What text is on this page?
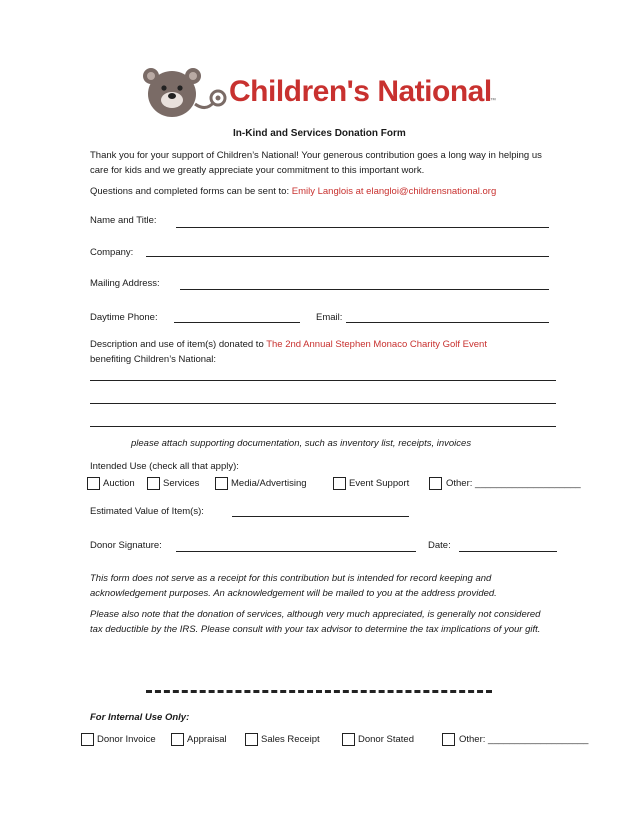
Children's National
™
In-Kind and Services Donation Form
Thank you for your support of Children’s National! Your generous contribution goes a long way in helping us care for kids and we greatly appreciate your commitment to this important work.
Questions and completed forms can be sent to: Emily Langlois at elangloi@childrensnational.org
Name and Title:
Company:
Mailing Address:
Daytime Phone:	Email:
Description and use of item(s) donated to The 2nd Annual Stephen Monaco Charity Golf Event
benefiting Children’s National:
please attach supporting documentation, such as inventory list, receipts, invoices
Intended Use (check all that apply):
Auction	Services	Media/Advertising	Event Support	Other: ____________________
Estimated Value of Item(s):
Donor Signature:	Date:
This form does not serve as a receipt for this contribution but is intended for record keeping and acknowledgement purposes. An acknowledgement will be mailed to you at the address provided.
Please also note that the donation of services, although very much appreciated, is generally not considered tax deductible by the IRS. Please consult with your tax advisor to determine the tax implications of your gift.
For Internal Use Only:
Donor Invoice	Appraisal	Sales Receipt	Donor Stated	Other: ___________________
